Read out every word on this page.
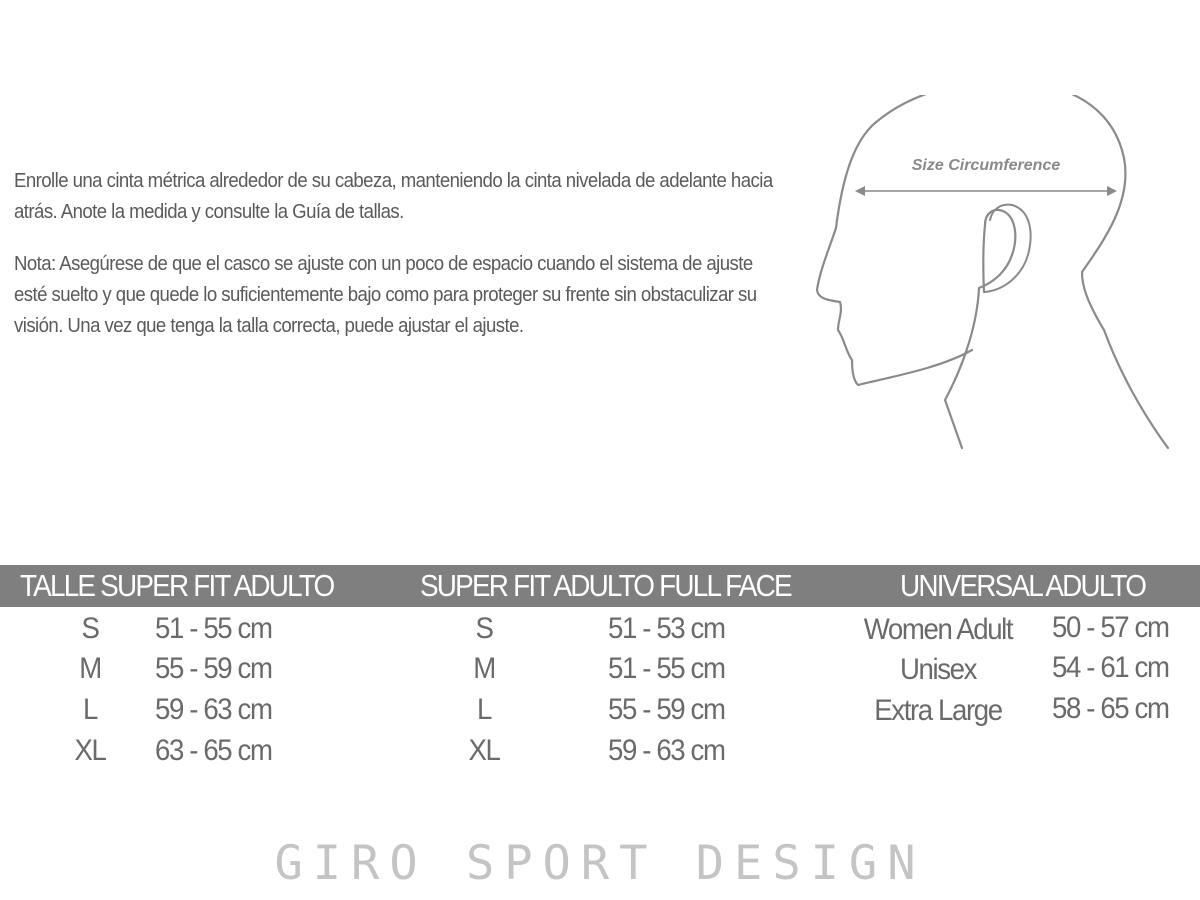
Enrolle una cinta métrica alrededor de su cabeza, manteniendo la cinta nivelada de adelante hacia atrás. Anote la medida y consulte la Guía de tallas.

Nota: Asegúrese de que el casco se ajuste con un poco de espacio cuando el sistema de ajuste esté suelto y que quede lo suficientemente bajo como para proteger su frente sin obstaculizar su visión. Una vez que tenga la talla correcta, puede ajustar el ajuste.

Size Circumference
TALLE SUPER FIT ADULTO	SUPER FIT ADULTO FULL FACE	UNIVERSAL ADULTO
S	51 - 55 cm
M 55 - 59 cm
L	59 - 63 cm
XL 63 - 65 cm
S	51 - 53 cm
M	51 - 55 cm
L	55 - 59 cm
XL	59 - 63 cm
Women Adult 50 - 57 cm
Unisex	54 - 61 cm
Extra Large	58 - 65 cm
GIRO SPORT DESIGN
